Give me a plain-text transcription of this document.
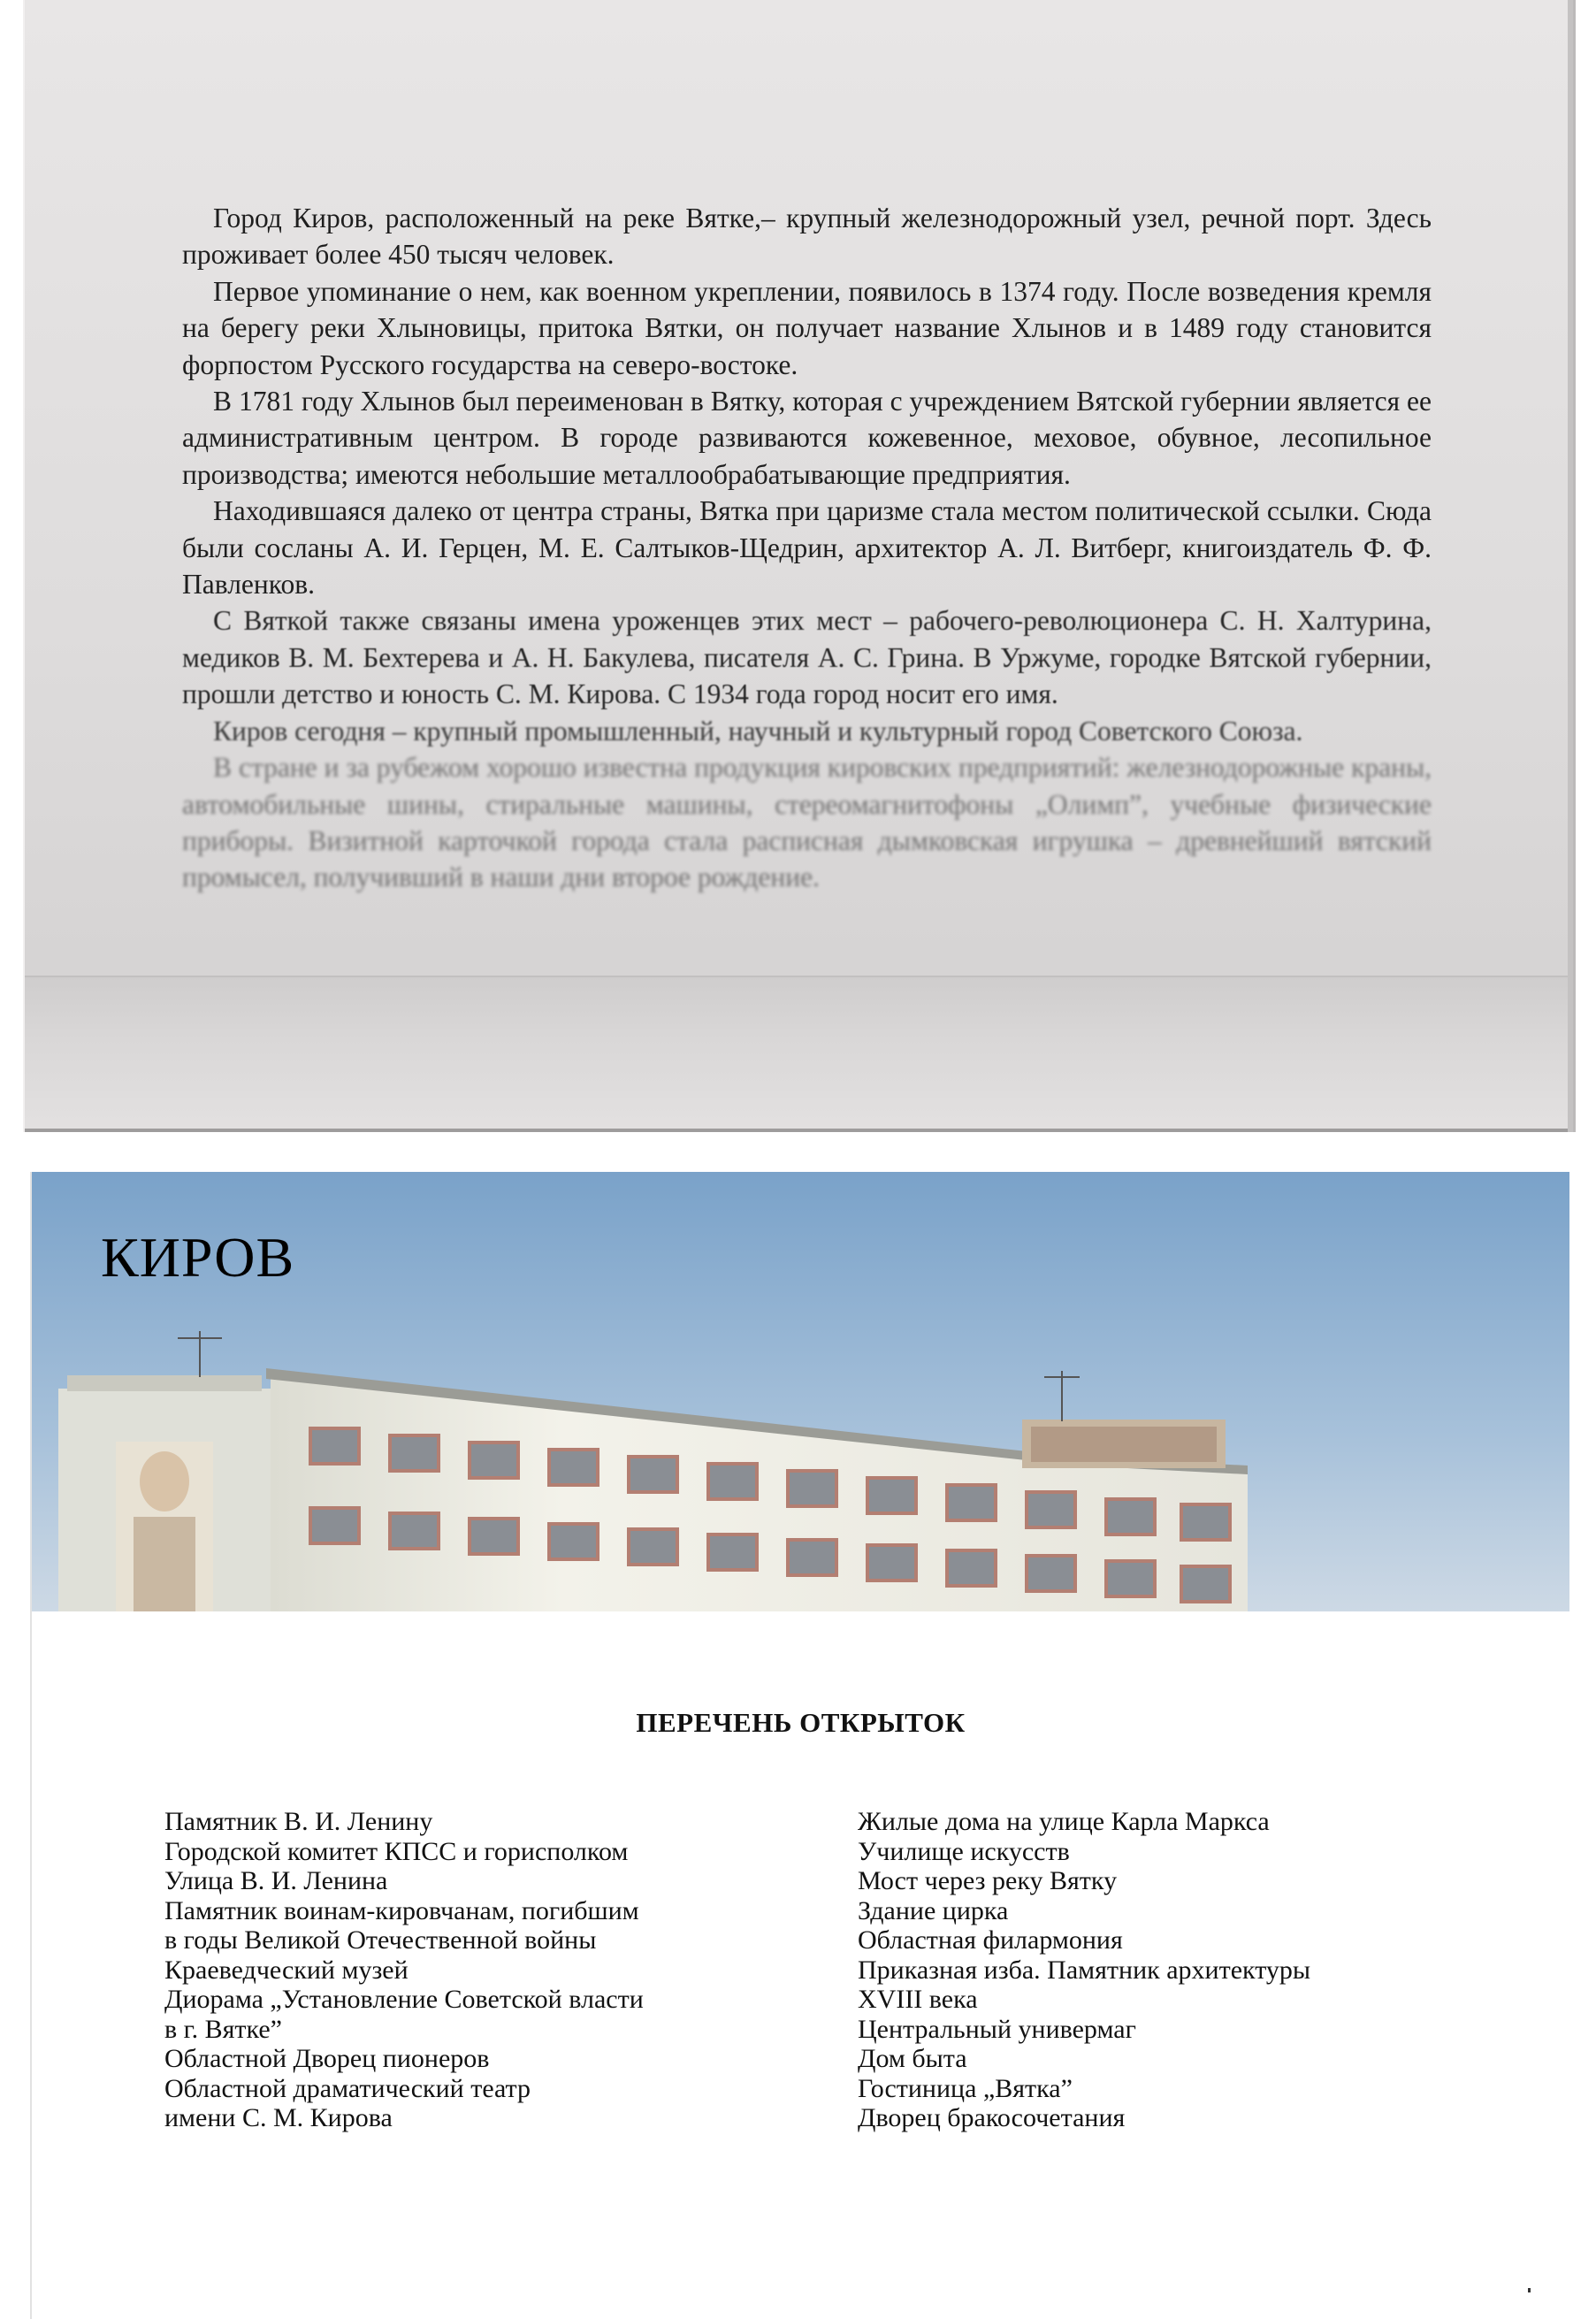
Город Киров, расположенный на реке Вятке,– крупный железнодорожный узел, речной порт. Здесь проживает более 450 тысяч человек.

Первое упоминание о нем, как военном укреплении, появилось в 1374 году. После возведения кремля на берегу реки Хлыновицы, притока Вятки, он получает название Хлынов и в 1489 году становится форпостом Русского государства на северо-востоке.

В 1781 году Хлынов был переименован в Вятку, которая с учреждением Вятской губернии является ее административным центром. В городе развиваются кожевенное, меховое, обувное, лесопильное производства; имеются небольшие металлообрабатывающие предприятия.

Находившаяся далеко от центра страны, Вятка при царизме стала местом политической ссылки. Сюда были сосланы А. И. Герцен, М. Е. Салтыков-Щедрин, архитектор А. Л. Витберг, книгоиздатель Ф. Ф. Павленков.

С Вяткой также связаны имена уроженцев этих мест – рабочего-революционера С. Н. Халтурина, медиков В. М. Бехтерева и А. Н. Бакулева, писателя А. С. Грина. В Уржуме, городке Вятской губернии, прошли детство и юность С. М. Кирова. С 1934 года город носит его имя.

Киров сегодня – крупный промышленный, научный и культурный город Советского Союза.

В стране и за рубежом хорошо известна продукция кировских предприятий: железнодорожные краны, автомобильные шины, стиральные машины, стереомагнитофоны „Олимп”, учебные физические приборы. Визитной карточкой города стала расписная дымковская игрушка – древнейший вятский промысел, получивший в наши дни второе рождение.

КИРОВ
ПЕРЕЧЕНЬ ОТКРЫТОК
Памятник В. И. Ленину
Городской комитет КПСС и горисполком
Улица В. И. Ленина
Памятник воинам-кировчанам, погибшим
в годы Великой Отечественной войны
Краеведческий музей
Диорама „Установление Советской власти
в г. Вятке”
Областной Дворец пионеров
Областной драматический театр
имени С. М. Кирова
Жилые дома на улице Карла Маркса
Училище искусств
Мост через реку Вятку
Здание цирка
Областная филармония
Приказная изба. Памятник архитектуры
XVIII века
Центральный универмаг
Дом быта
Гостиница „Вятка”
Дворец бракосочетания
